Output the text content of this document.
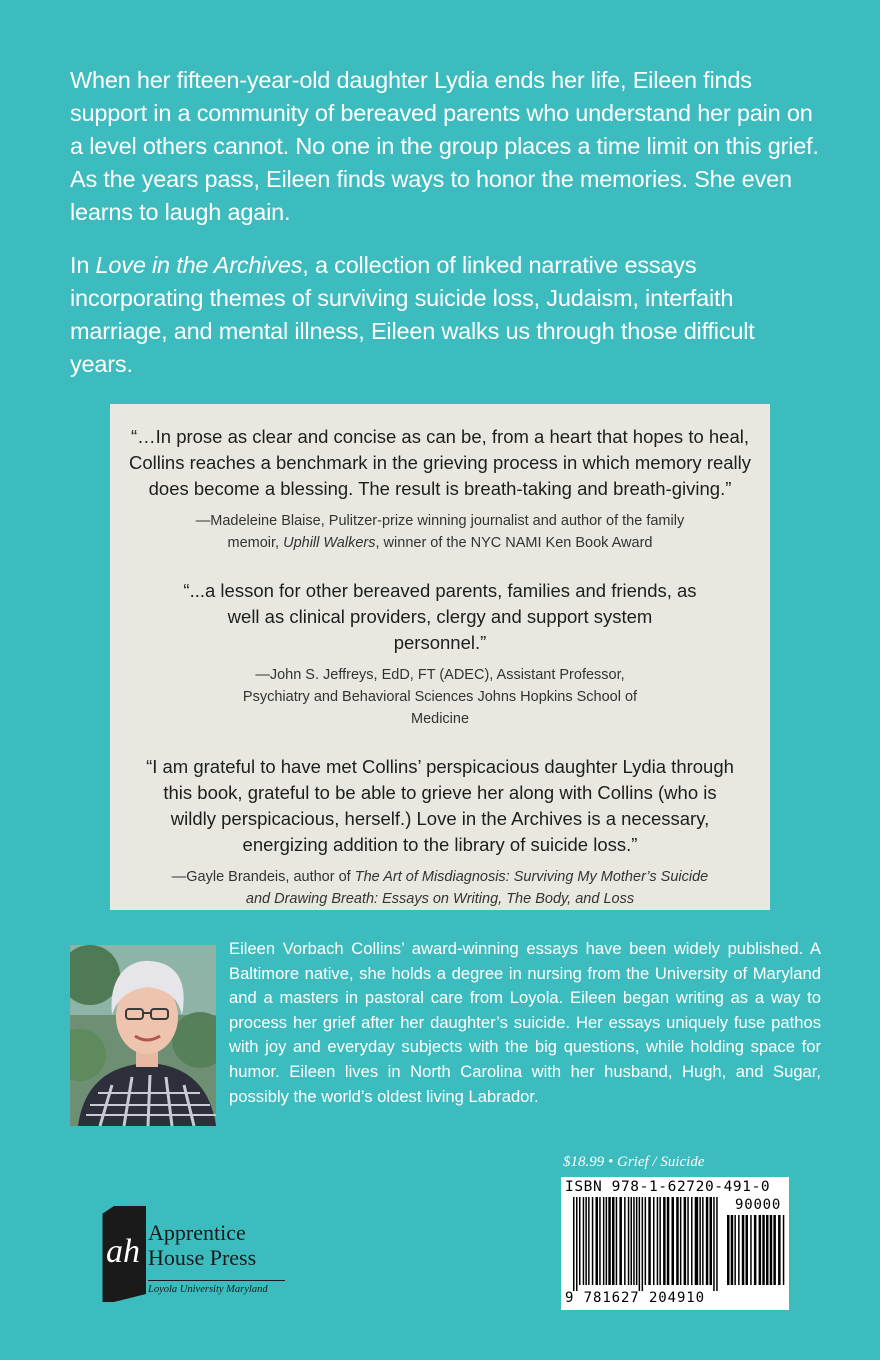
When her fifteen-year-old daughter Lydia ends her life, Eileen finds support in a community of bereaved parents who understand her pain on a level others cannot. No one in the group places a time limit on this grief. As the years pass, Eileen finds ways to honor the memories. She even learns to laugh again.

In Love in the Archives, a collection of linked narrative essays incorporating themes of surviving suicide loss, Judaism, interfaith marriage, and mental illness, Eileen walks us through those difficult years.

“…In prose as clear and concise as can be, from a heart that hopes to heal, Collins reaches a benchmark in the grieving process in which memory really does become a blessing. The result is breath-taking and breath-giving.”
—Madeleine Blaise, Pulitzer-prize winning journalist and author of the family memoir, Uphill Walkers, winner of the NYC NAMI Ken Book Award
“...a lesson for other bereaved parents, families and friends, as well as clinical providers, clergy and support system personnel.”
—John S. Jeffreys, EdD, FT (ADEC), Assistant Professor, Psychiatry and Behavioral Sciences Johns Hopkins School of Medicine
“I am grateful to have met Collins’ perspicacious daughter Lydia through this book, grateful to be able to grieve her along with Collins (who is wildly perspicacious, herself.) Love in the Archives is a necessary, energizing addition to the library of suicide loss.”
—Gayle Brandeis, author of The Art of Misdiagnosis: Surviving My Mother’s Suicide and Drawing Breath: Essays on Writing, The Body, and Loss
Eileen Vorbach Collins’ award-winning essays have been widely published. A Baltimore native, she holds a degree in nursing from the University of Maryland and a masters in pastoral care from Loyola. Eileen began writing as a way to process her grief after her daughter’s suicide. Her essays uniquely fuse pathos with joy and everyday subjects with the big questions, while holding space for humor. Eileen lives in North Carolina with her husband, Hugh, and Sugar, possibly the world’s oldest living Labrador.
$18.99 • Grief / Suicide
ISBN 978-1-62720-491-0
90000
9 781627 204910
ah
Apprentice
House Press
Loyola University Maryland
